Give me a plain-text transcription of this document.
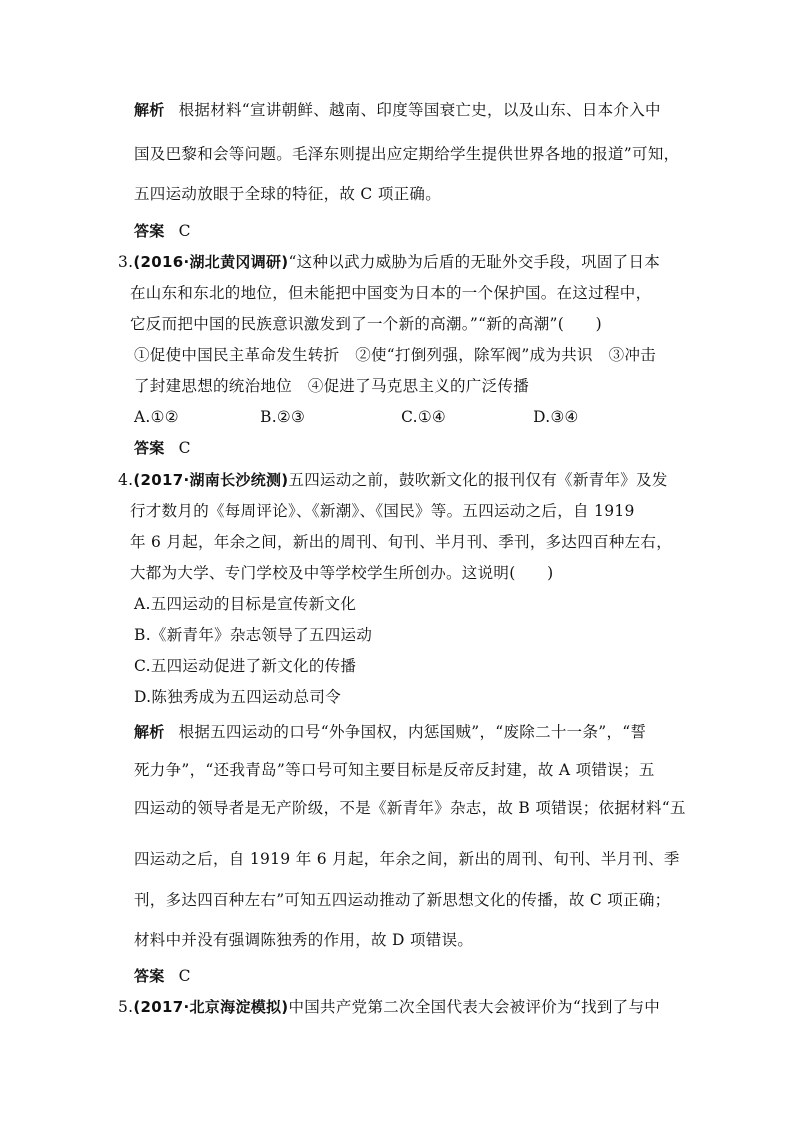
解析 根据材料“宣讲朝鲜、越南、印度等国衰亡史，以及山东、日本介入中
国及巴黎和会等问题。毛泽东则提出应定期给学生提供世界各地的报道”可知，
五四运动放眼于全球的特征，故 C 项正确。
答案 C
3.(2016·湖北黄冈调研)“这种以武力威胁为后盾的无耻外交手段，巩固了日本
在山东和东北的地位，但未能把中国变为日本的一个保护国。在这过程中，
它反而把中国的民族意识激发到了一个新的高潮。”“新的高潮”(　　)
①促使中国民主革命发生转折　②使“打倒列强，除军阀”成为共识　③冲击
了封建思想的统治地位　④促进了马克思主义的广泛传播
A.①②	B.②③	C.①④	D.③④
答案 C
4.(2017·湖南长沙统测)五四运动之前，鼓吹新文化的报刊仅有《新青年》及发
行才数月的《每周评论》、《新潮》、《国民》等。五四运动之后，自 1919
年 6 月起，年余之间，新出的周刊、旬刊、半月刊、季刊，多达四百种左右，
大都为大学、专门学校及中等学校学生所创办。这说明(　　)
A.五四运动的目标是宣传新文化
B.《新青年》杂志领导了五四运动
C.五四运动促进了新文化的传播
D.陈独秀成为五四运动总司令
解析 根据五四运动的口号“外争国权，内惩国贼”，“废除二十一条”，“誓
死力争”，“还我青岛”等口号可知主要目标是反帝反封建，故 A 项错误；五
四运动的领导者是无产阶级，不是《新青年》杂志，故 B 项错误；依据材料“五
四运动之后，自 1919 年 6 月起，年余之间，新出的周刊、旬刊、半月刊、季
刊，多达四百种左右”可知五四运动推动了新思想文化的传播，故 C 项正确；
材料中并没有强调陈独秀的作用，故 D 项错误。
答案 C
5.(2017·北京海淀模拟)中国共产党第二次全国代表大会被评价为“找到了与中
